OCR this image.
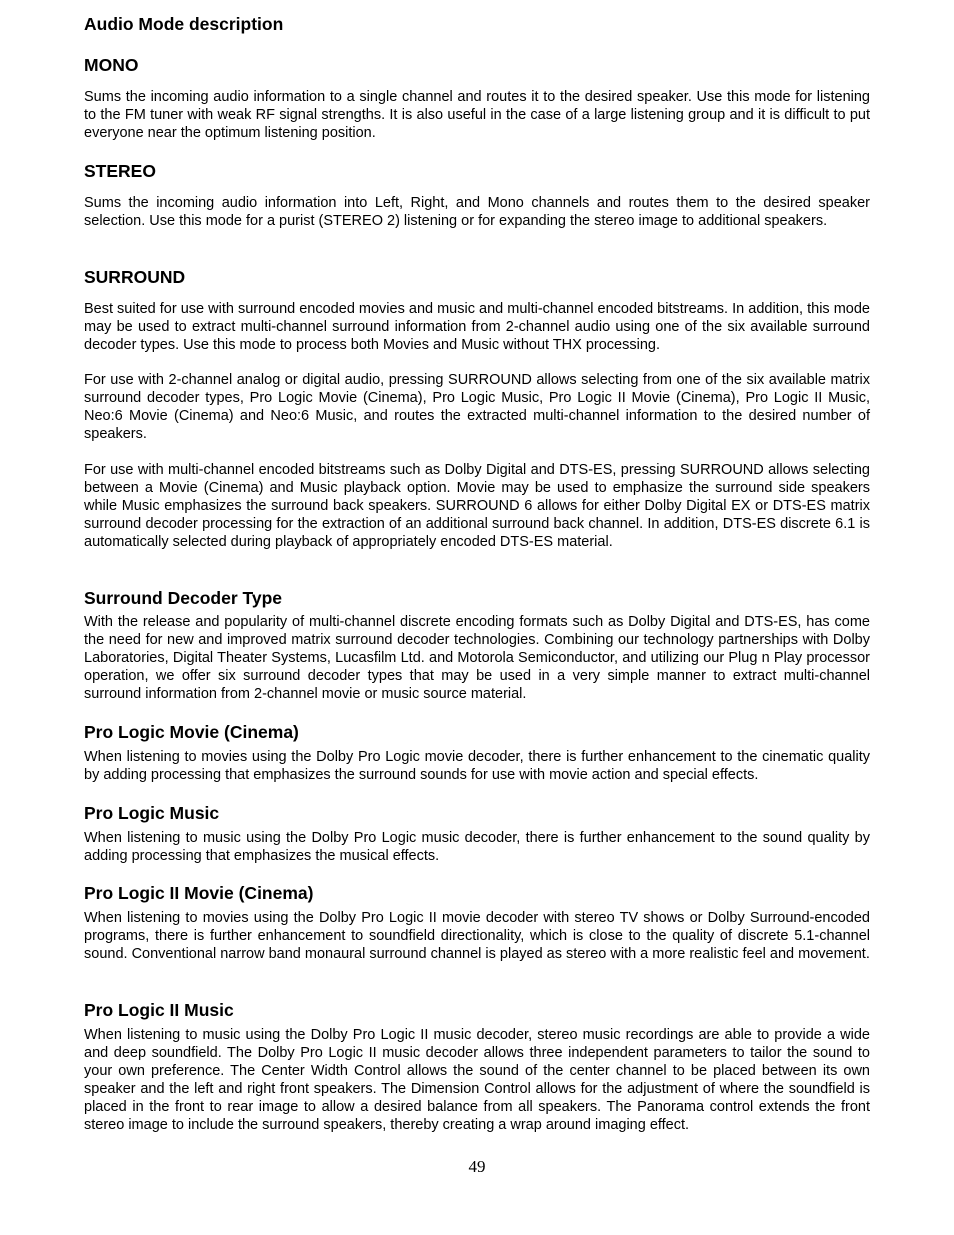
Audio Mode description
MONO

Sums the incoming audio information to a single channel and routes it to the desired speaker. Use this mode for listening to the FM tuner with weak RF signal strengths. It is also useful in the case of a large listening group and it is difficult to put everyone near the optimum listening position.

STEREO

Sums the incoming audio information into Left, Right, and Mono channels and routes them to the desired speaker selection. Use this mode for a purist (STEREO 2) listening or for expanding the stereo image to additional speakers.

SURROUND

Best suited for use with surround encoded movies and music and multi-channel encoded bitstreams. In addition, this mode may be used to extract multi-channel surround information from 2-channel audio using one of the six available surround decoder types. Use this mode to process both Movies and Music without THX processing.

For use with 2-channel analog or digital audio, pressing SURROUND allows selecting from one of the six available matrix surround decoder types, Pro Logic Movie (Cinema), Pro Logic Music, Pro Logic II Movie (Cinema), Pro Logic II Music, Neo:6 Movie (Cinema) and Neo:6 Music, and routes the extracted multi-channel information to the desired number of speakers.

For use with multi-channel encoded bitstreams such as Dolby Digital and DTS-ES, pressing SURROUND allows selecting between a Movie (Cinema) and Music playback option. Movie may be used to emphasize the surround side speakers while Music emphasizes the surround back speakers. SURROUND 6 allows for either Dolby Digital EX or DTS-ES matrix surround decoder processing for the extraction of an additional surround back channel. In addition, DTS-ES discrete 6.1 is automatically selected during playback of appropriately encoded DTS-ES material.

Surround Decoder Type

With the release and popularity of multi-channel discrete encoding formats such as Dolby Digital and DTS-ES, has come the need for new and improved matrix surround decoder technologies. Combining our technology partnerships with Dolby Laboratories, Digital Theater Systems, Lucasfilm Ltd. and Motorola Semiconductor, and utilizing our Plug n Play processor operation, we offer six surround decoder types that may be used in a very simple manner to extract multi-channel surround information from 2-channel movie or music source material.

Pro Logic Movie (Cinema)

When listening to movies using the Dolby Pro Logic movie decoder, there is further enhancement to the cinematic quality by adding processing that emphasizes the surround sounds for use with movie action and special effects.

Pro Logic Music

When listening to music using the Dolby Pro Logic music decoder, there is further enhancement to the sound quality by adding processing that emphasizes the musical effects.

Pro Logic II Movie (Cinema)

When listening to movies using the Dolby Pro Logic II movie decoder with stereo TV shows or Dolby Surround-encoded programs, there is further enhancement to soundfield directionality, which is close to the quality of discrete 5.1-channel sound. Conventional narrow band monaural surround channel is played as stereo with a more realistic feel and movement.

Pro Logic II Music

When listening to music using the Dolby Pro Logic II music decoder, stereo music recordings are able to provide a wide and deep soundfield. The Dolby Pro Logic II music decoder allows three independent parameters to tailor the sound to your own preference. The Center Width Control allows the sound of the center channel to be placed between its own speaker and the left and right front speakers. The Dimension Control allows for the adjustment of where the soundfield is placed in the front to rear image to allow a desired balance from all speakers. The Panorama control extends the front stereo image to include the surround speakers, thereby creating a wrap around imaging effect.

49
